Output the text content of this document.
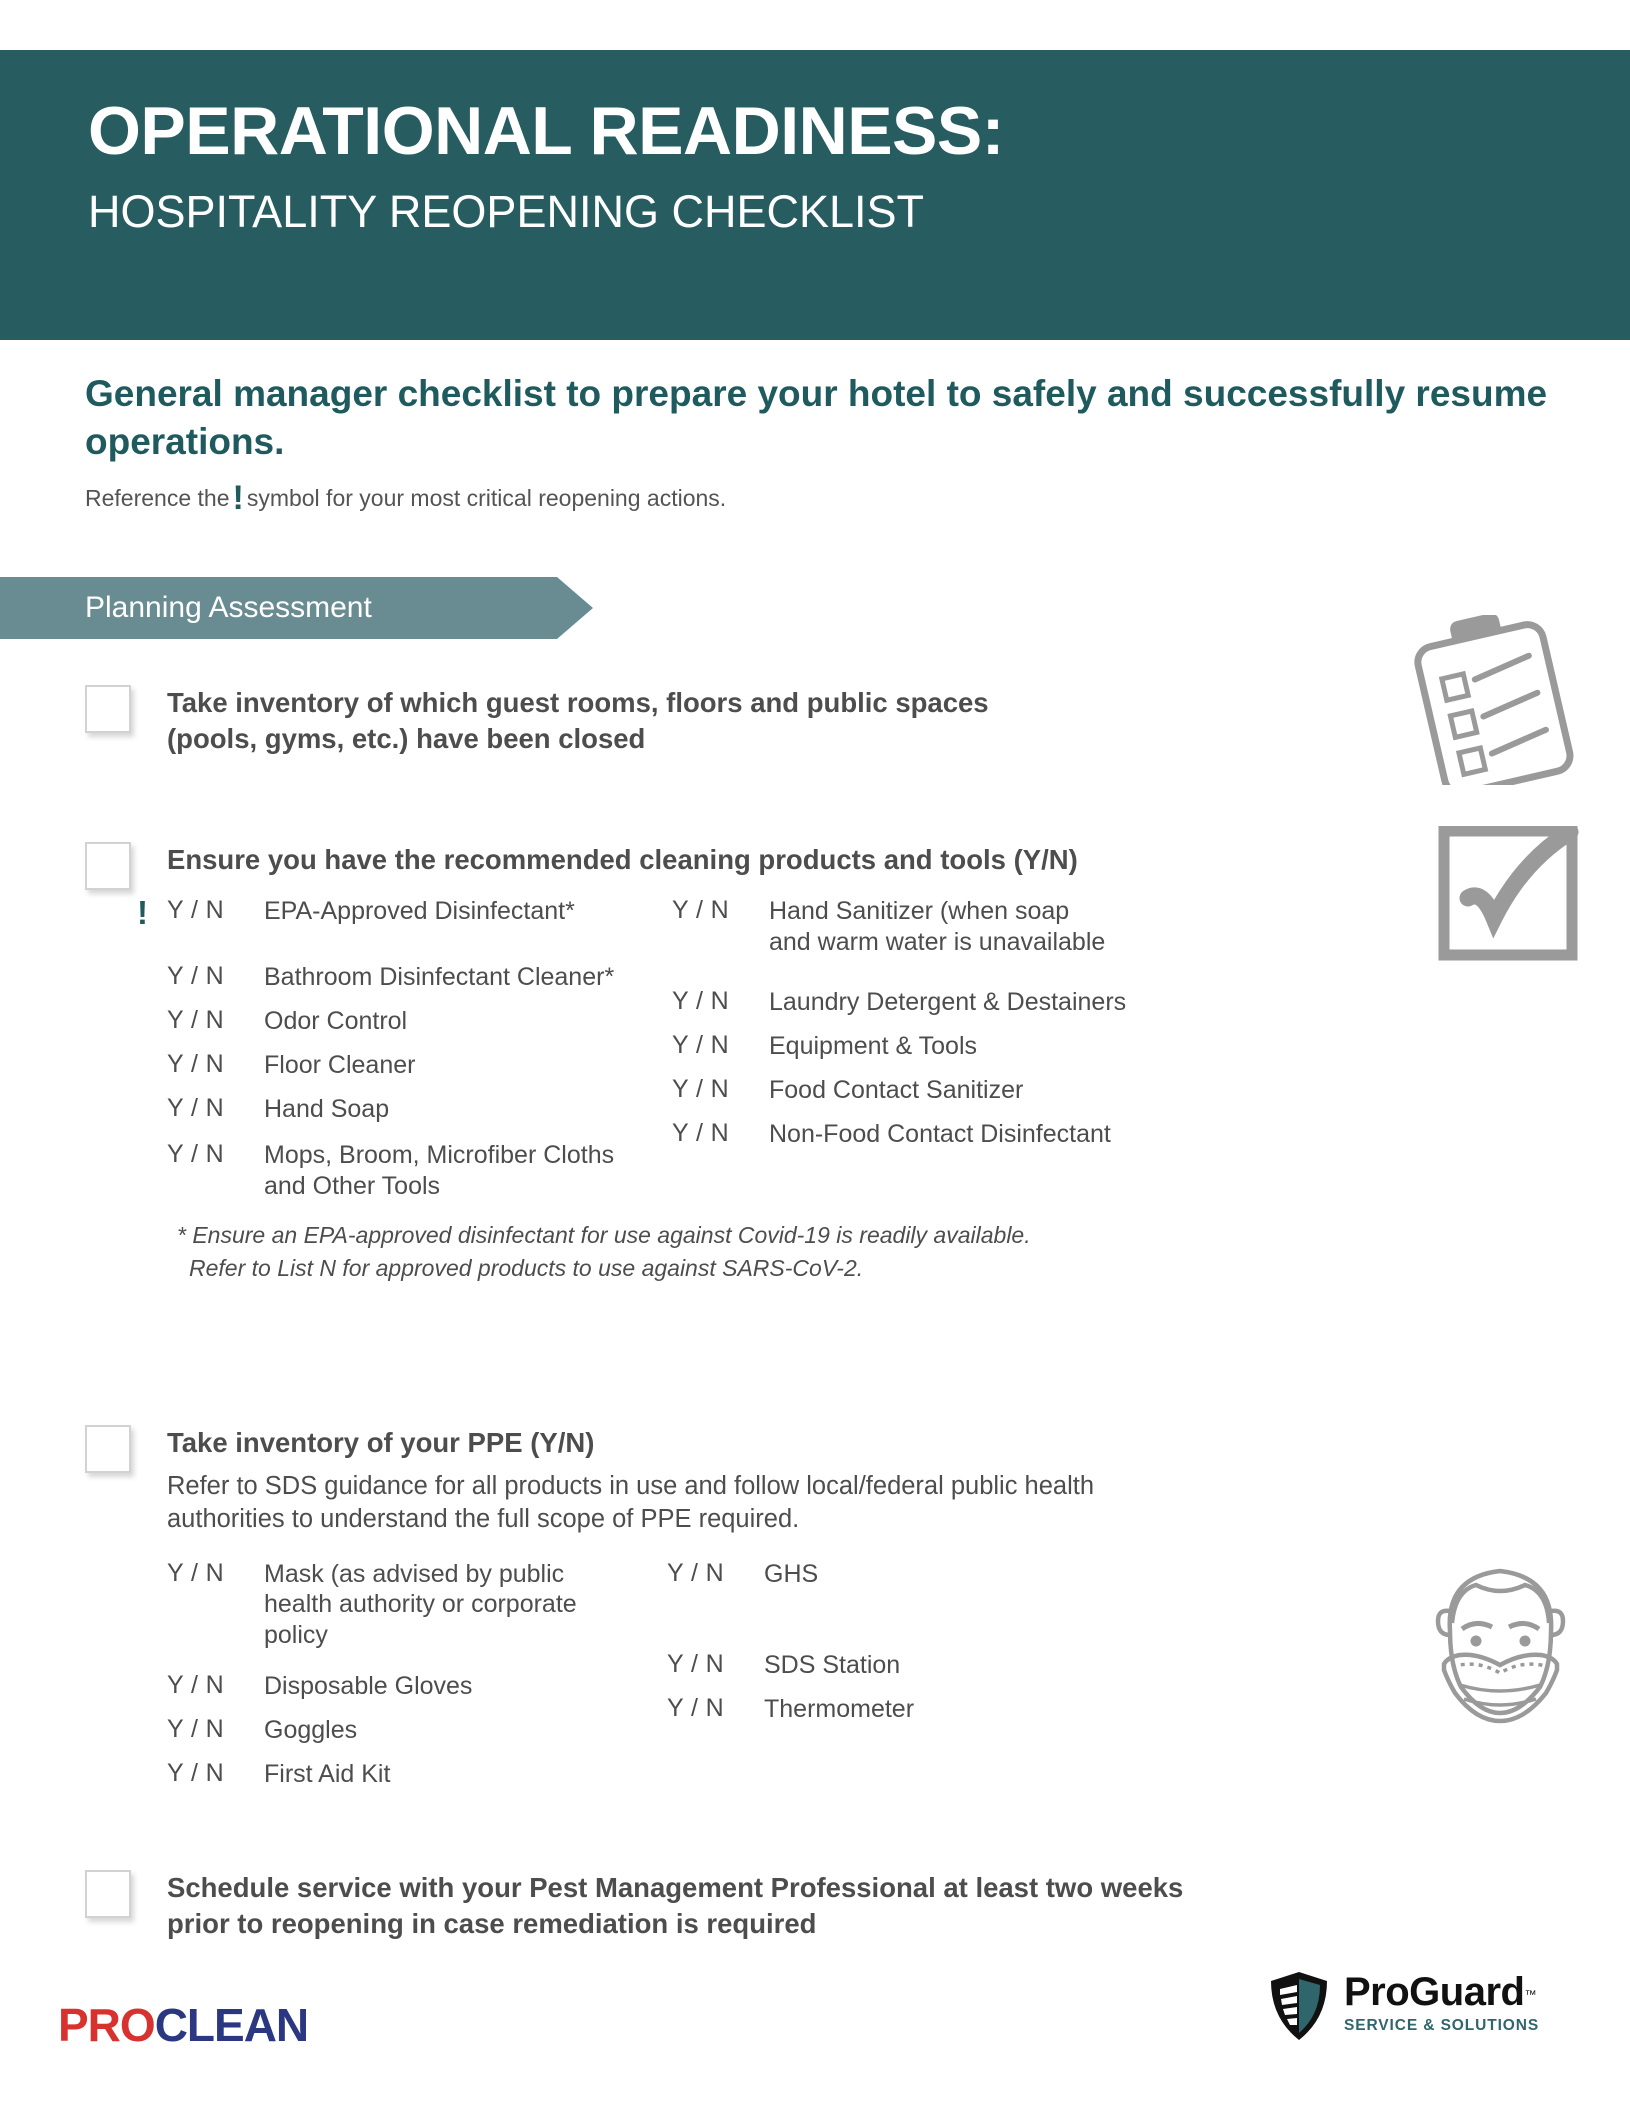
OPERATIONAL READINESS:
HOSPITALITY REOPENING CHECKLIST

General manager checklist to prepare your hotel to safely and successfully resume operations.

Reference the! symbol for your most critical reopening actions.

Planning Assessment
Take inventory of which guest rooms, floors and public spaces
(pools, gyms, etc.) have been closed
Ensure you have the recommended cleaning products and tools (Y/N)
! Y / N	EPA-Approved Disinfectant*
Y / N	Bathroom Disinfectant Cleaner*
Y / N	Odor Control
Y / N	Floor Cleaner
Y / N	Hand Soap
Y / N	Mops, Broom, Microfiber Cloths and Other Tools
Y / N	Hand Sanitizer (when soap and warm water is unavailable
Y / N	Laundry Detergent & Destainers
Y / N	Equipment & Tools
Y / N	Food Contact Sanitizer
Y / N	Non-Food Contact Disinfectant

* Ensure an EPA-approved disinfectant for use against Covid-19 is readily available.

Refer to List N for approved products to use against SARS-CoV-2.

Take inventory of your PPE (Y/N)
Refer to SDS guidance for all products in use and follow local/federal public health
authorities to understand the full scope of PPE required.
Y / N	Mask (as advised by public health authority or corporate policy
Y / N	Disposable Gloves
Y / N	Goggles
Y / N	First Aid Kit
Y / N	GHS
Y / N	SDS Station
Y / N	Thermometer
Schedule service with your Pest Management Professional at least two weeks
prior to reopening in case remediation is required
PROCLEAN
ProGuard™
SERVICE & SOLUTIONS
